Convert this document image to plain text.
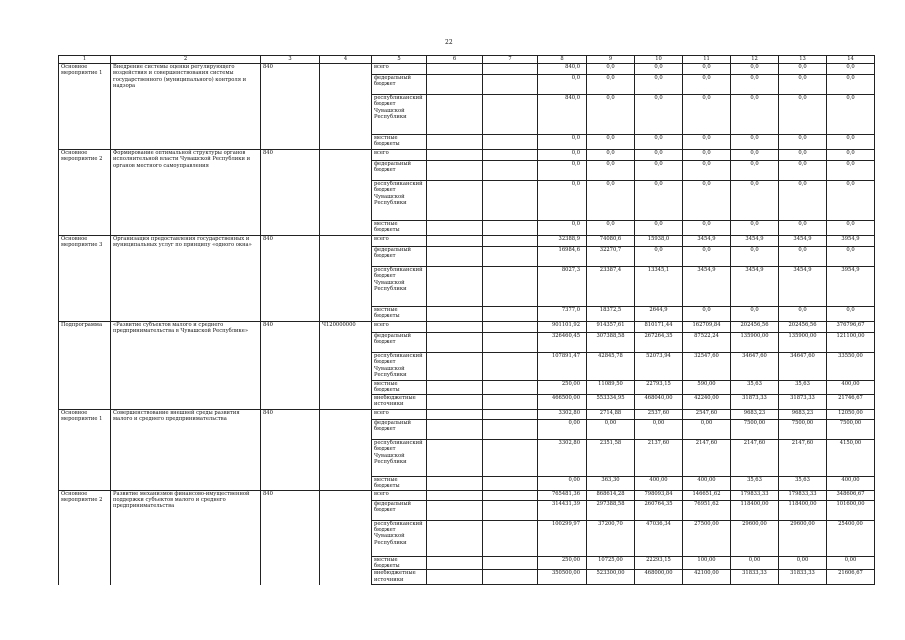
22
1	2	3	4	5	6	7	8	9	10	11	12	13	14
Основное мероприятие 1	Внедрение системы оценки регулирующего воздействия и совершенствования системы государственного (муниципального) контроля и надзора	840		всего			840,0	0,0	0,0	0,0	0,0	0,0	0,0
				федеральный бюджет			0,0	0,0	0,0	0,0	0,0	0,0	0,0
				республиканский бюджет Чувашской Республики			840,0	0,0	0,0	0,0	0,0	0,0	0,0
				местные бюджеты			0,0	0,0	0,0	0,0	0,0	0,0	0,0
Основное мероприятие 2	Формирование оптимальной структуры органов исполнительной власти Чувашской Республики и органов местного самоуправления	840		всего			0,0	0,0	0,0	0,0	0,0	0,0	0,0
				федеральный бюджет			0,0	0,0	0,0	0,0	0,0	0,0	0,0
				республиканский бюджет Чувашской Республики			0,0	0,0	0,0	0,0	0,0	0,0	0,0
				местные бюджеты			0,0	0,0	0,0	0,0	0,0	0,0	0,0
Основное мероприятие 3	Организация предоставления государственных и муниципальных услуг по принципу «одного окна»	840		всего			32388,9	74080,6	15938,0	3454,9	3454,9	3454,9	3954,9
				федеральный бюджет			16984,6	32270,7	0,0	0,0	0,0	0,0	0,0
				республиканский бюджет Чувашской Республики			8027,3	23387,4	13345,1	3454,9	3454,9	3454,9	3954,9
				местные бюджеты			7377,0	18372,5	2644,9	0,0	0,0	0,0	0,0
Подпрограмма	«Развитие субъектов малого и среднего предпринимательства в Чувашской Республике»	840	Ч120000000	всего			901101,92	914357,61	810171,44	162709,84	202456,56	202456,56	376796,67
				федеральный бюджет			326460,45	307388,58	267264,35	87522,24	135900,00	135900,00	121100,00
				республиканский бюджет Чувашской Республики			107891,47	42845,78	52073,94	32547,60	34647,60	34647,60	33550,00
				местные бюджеты			250,00	11089,50	22793,15	590,00	35,63	35,63	400,00
				внебюджетные источники			466500,00	553334,95	468040,00	42240,00	31873,33	31873,33	21746,67
Основное мероприятие 1	Совершенствование внешней среды развития малого и среднего предпринимательства	840		всего			3302,80	2714,88	2537,60	2547,60	9683,23	9683,23	12050,00
				федеральный бюджет			0,00	0,00	0,00	0,00	7500,00	7500,00	7500,00
				республиканский бюджет Чувашской Республики			3302,80	2351,58	2137,60	2147,60	2147,60	2147,60	4150,00
				местные бюджеты			0,00	363,30	400,00	400,00	35,63	35,63	400,00
Основное мероприятие 2	Развитие механизмов финансово-имущественной поддержки субъектов малого и среднего предпринимательства	840		всего			765481,36	868614,28	798093,84	146651,62	179833,33	179833,33	348606,67
				федеральный бюджет			314431,39	297388,58	260764,35	76951,62	118400,00	118400,00	101600,00
				республиканский бюджет Чувашской Республики			100299,97	37200,70	47036,34	27500,00	29600,00	29600,00	25400,00
				местные бюджеты			250,00	10725,00	22293,15	100,00	0,00	0,00	0,00
				внебюджетные источники			350500,00	523300,00	468000,00	42100,00	31833,33	31833,33	21606,67
